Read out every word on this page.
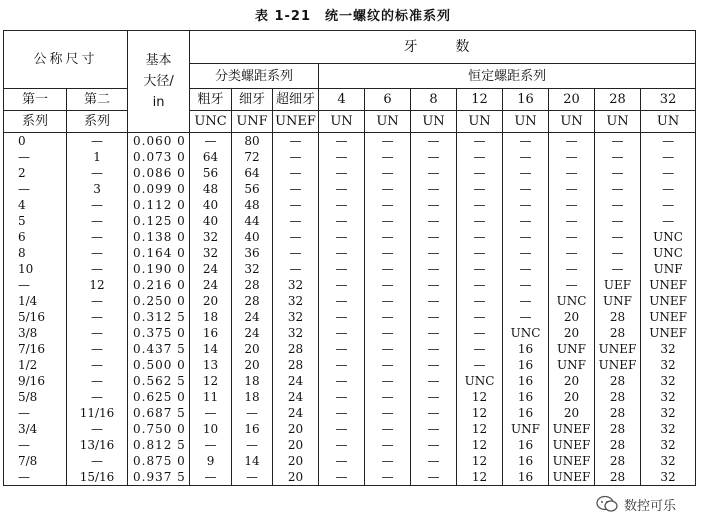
表 1-21　统一螺纹的标准系列
公称尺寸		基本
大径/
in	牙　数										
			分类螺距系列			恒定螺距系列							
第一	第二		粗牙	细牙	超细牙	4	6	8	12	16	20	28	32
系列	系列		UNC	UNF	UNEF	UN	UN	UN	UN	UN	UN	UN	UN
0	—	0.060 0	—	80	—	—	—	—	—	—	—	—	—
—	1	0.073 0	64	72	—	—	—	—	—	—	—	—	—
2	—	0.086 0	56	64	—	—	—	—	—	—	—	—	—
—	3	0.099 0	48	56	—	—	—	—	—	—	—	—	—
4	—	0.112 0	40	48	—	—	—	—	—	—	—	—	—
5	—	0.125 0	40	44	—	—	—	—	—	—	—	—	—
6	—	0.138 0	32	40	—	—	—	—	—	—	—	—	UNC
8	—	0.164 0	32	36	—	—	—	—	—	—	—	—	UNC
10	—	0.190 0	24	32	—	—	—	—	—	—	—	—	UNF
—	12	0.216 0	24	28	32	—	—	—	—	—	—	UEF	UNEF
1/4	—	0.250 0	20	28	32	—	—	—	—	—	UNC	UNF	UNEF
5/16	—	0.312 5	18	24	32	—	—	—	—	—	20	28	UNEF
3/8	—	0.375 0	16	24	32	—	—	—	—	UNC	20	28	UNEF
7/16	—	0.437 5	14	20	28	—	—	—	—	16	UNF	UNEF	32
1/2	—	0.500 0	13	20	28	—	—	—	—	16	UNF	UNEF	32
9/16	—	0.562 5	12	18	24	—	—	—	UNC	16	20	28	32
5/8	—	0.625 0	11	18	24	—	—	—	12	16	20	28	32
—	11/16	0.687 5	—	—	24	—	—	—	12	16	20	28	32
3/4	—	0.750 0	10	16	20	—	—	—	12	UNF	UNEF	28	32
—	13/16	0.812 5	—	—	20	—	—	—	12	16	UNEF	28	32
7/8	—	0.875 0	9	14	20	—	—	—	12	16	UNEF	28	32
—	15/16	0.937 5	—	—	20	—	—	—	12	16	UNEF	28	32
数控可乐
